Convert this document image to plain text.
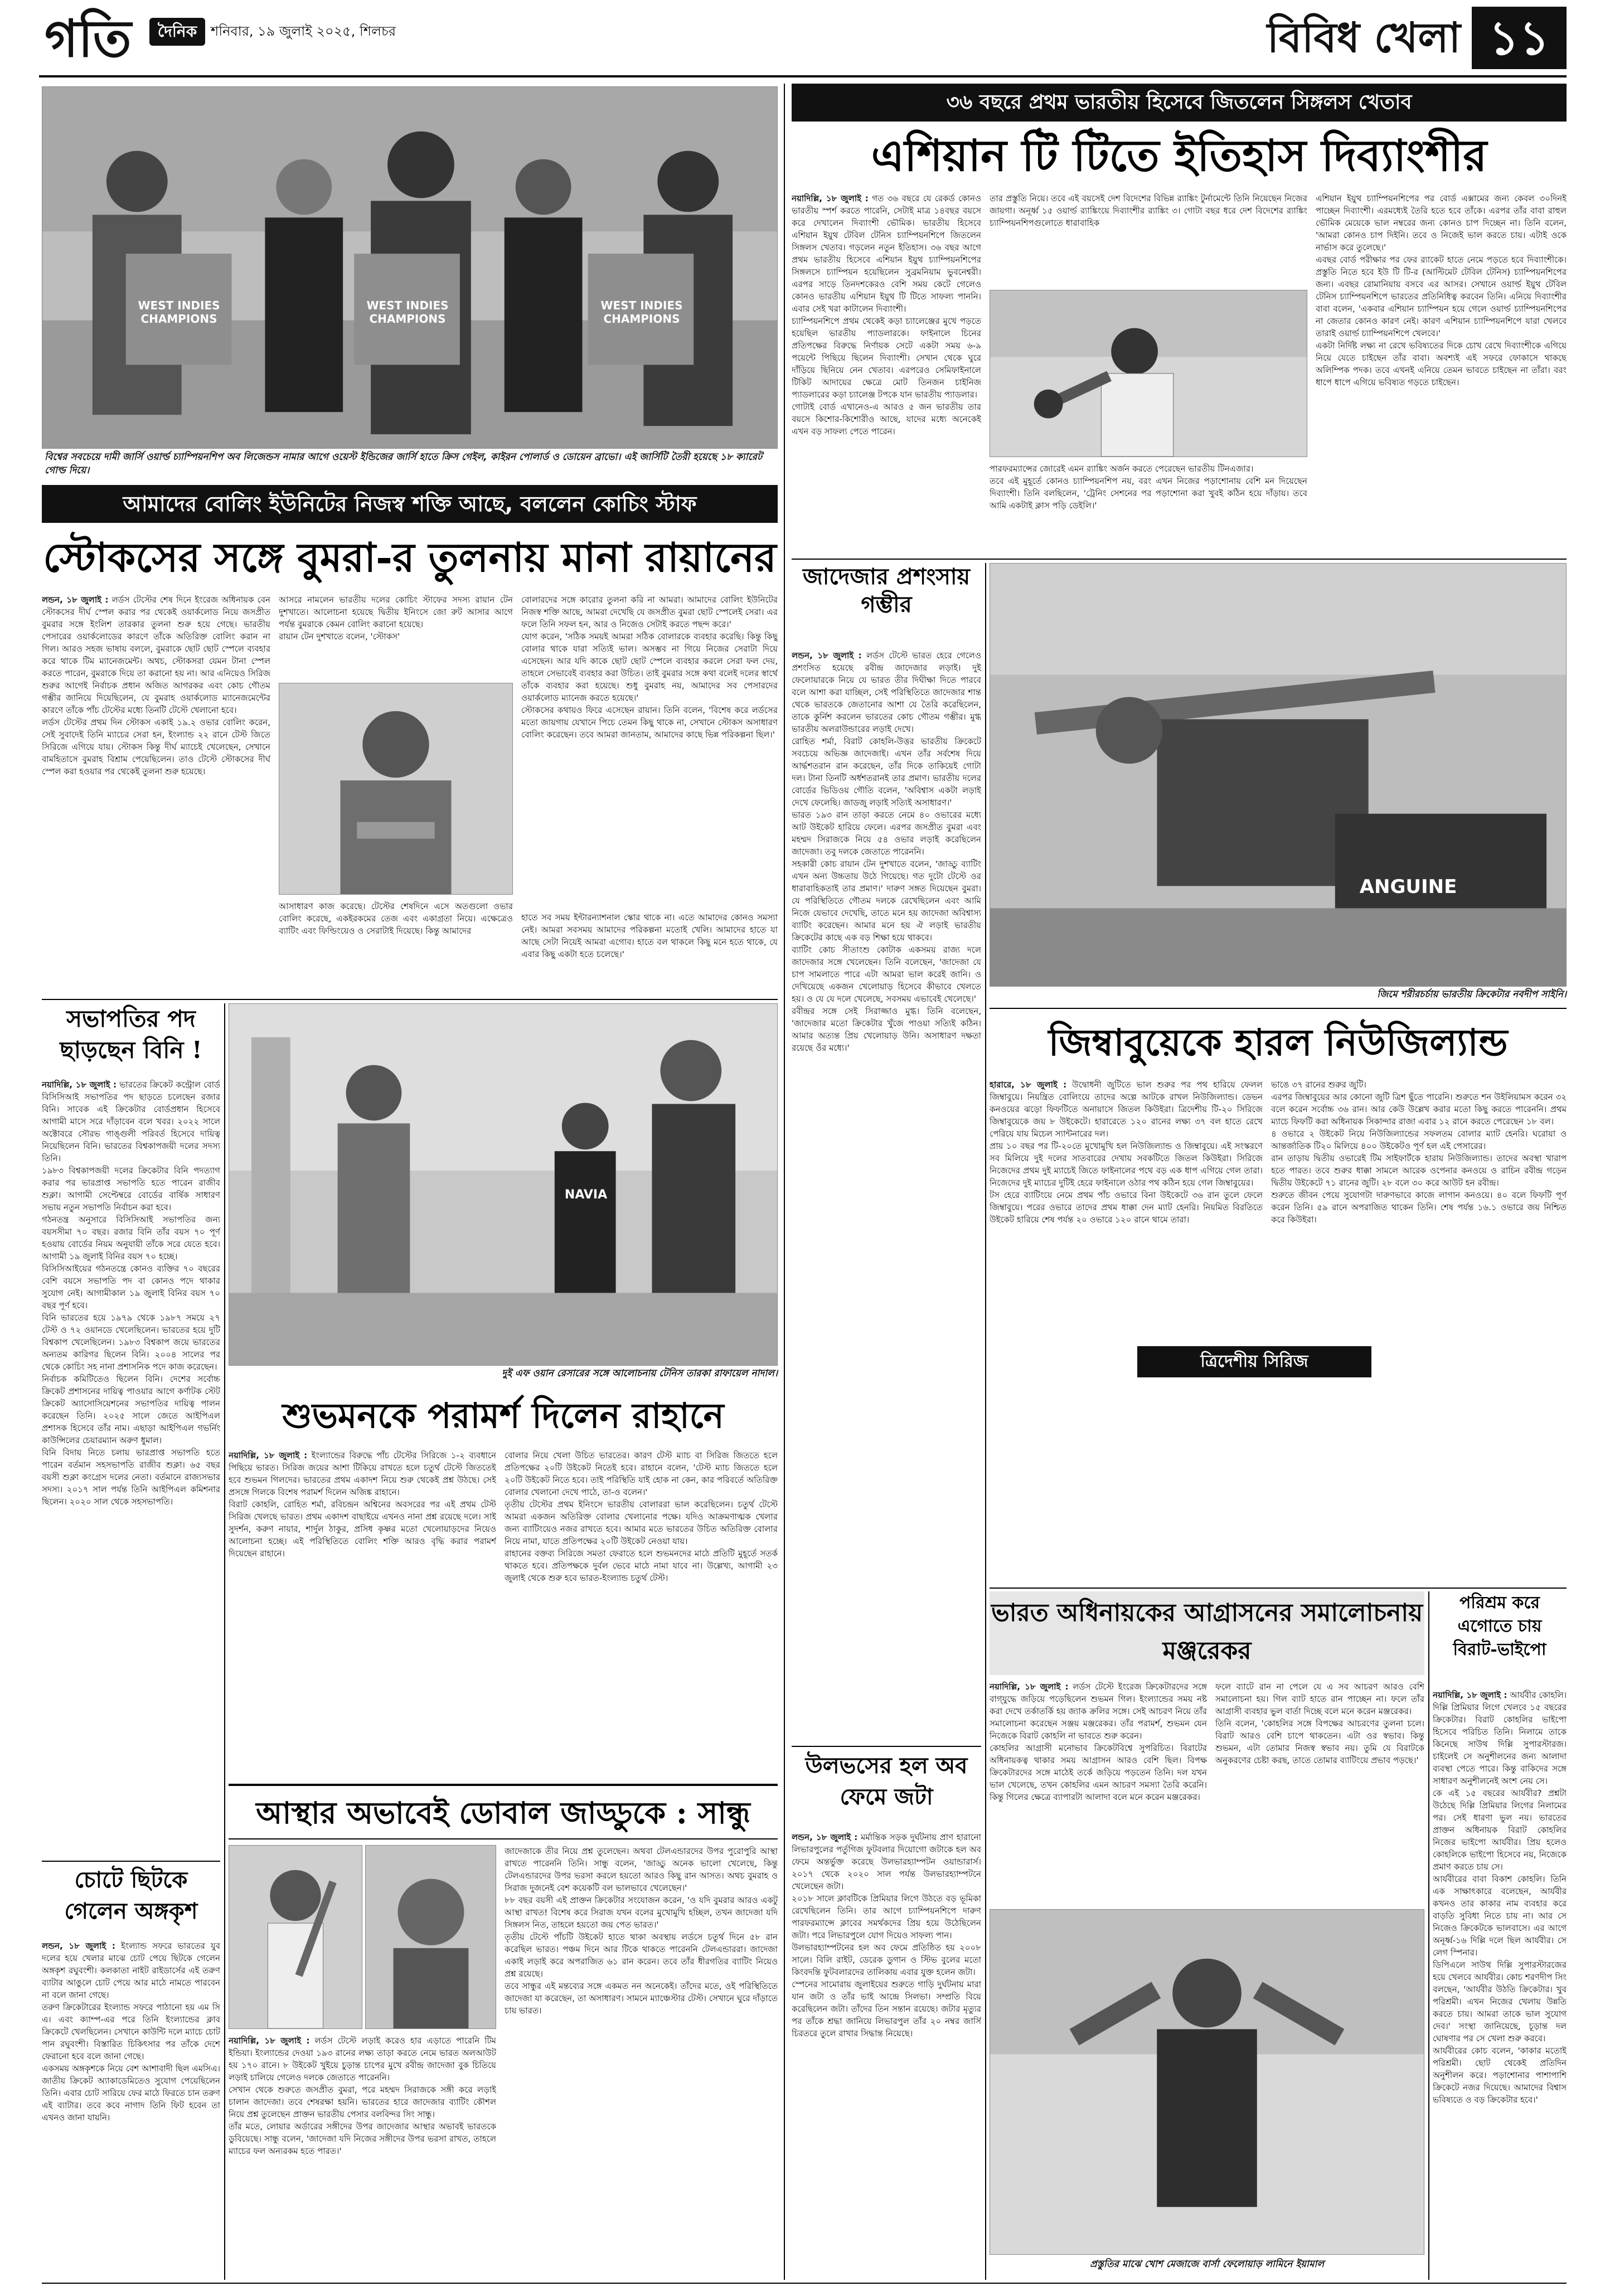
গতি	দৈনিক	শনিবার, ১৯ জুলাই ২০২৫, শিলচর	বিবিধ খেলা ১১
WEST INDIES CHAMPIONS
WEST INDIES CHAMPIONS
WEST INDIES CHAMPIONS
বিশ্বের সবচেয়ে দামী জার্সি ওয়ার্ল্ড চ্যাম্পিয়নশিপ অব লিজেন্ডস নামার আগে ওয়েস্ট ইন্ডিজের জার্সি হাতে ক্রিস গেইল, কাইরন পোলার্ড ও ডোয়েন ব্রাভো। এই জার্সিটি তৈরী হয়েছে ১৮ ক্যারেট গোল্ড দিয়ে।
৩৬ বছরে প্রথম ভারতীয় হিসেবে জিতলেন সিঙ্গলস খেতাব
এশিয়ান টি টিতে ইতিহাস দিব্যাংশীর
নয়াদিল্লি, ১৮ জুলাই : গত ৩৬ বছরে যে রেকর্ড কোনও ভারতীয় স্পর্শ করতে পারেনি, সেটাই মাত্র ১৪বছর বয়সে করে দেখালেন দিব্যাংশী ভৌমিক। ভারতীয় হিসেবে এশিয়ান ইয়ুথ টেবিল টেনিস চ্যাম্পিয়নশিপে জিতলেন সিঙ্গলস খেতাব। গড়লেন নতুন ইতিহাস। ৩৬ বছর আগে প্রথম ভারতীয় হিসেবে এশিয়ান ইয়ুথ চ্যাম্পিয়নশিপের সিঙ্গলসে চ্যাম্পিয়ন হয়েছিলেন সুব্রমনিয়াম ভুবনেশ্বরী। এরপর সাড়ে তিনদশকেরও বেশি সময় কেটে গেলেও কোনও ভারতীয় এশিয়ান ইয়ুথ টি টিতে সাফল্য পাননি। এবার সেই খরা কাটালেন দিব্যাংশী।
চ্যাম্পিয়নশিপে প্রথম থেকেই কড়া চ্যালেঞ্জের মুখে পড়তে হয়েছিল ভারতীয় প্যাডলারকে। ফাইনালে চিনের প্রতিপক্ষের বিরুদ্ধে নির্ণায়ক সেটে একটা সময় ৬-৯ পয়েন্টে পিছিয়ে ছিলেন দিব্যাংশী। সেখান থেকে ঘুরে দাঁড়িয়ে ছিনিয়ে নেন খেতাব। এরপরেও সেমিফাইনালে টিকিট আদায়ের ক্ষেত্রে মোট তিনজন চাইনিজ প্যাডলারের কড়া চ্যালেঞ্জ টপকে যান ভারতীয় প্যাডলার।
গোটাই বোর্ড এখানেও-এ আরও ৫ জন ভারতীয় তার বয়সে কিশোর-কিশোরীও আছে, যাদের মধ্যে অনেকেই এখন বড় সাফল্য পেতে পারেন।
তার প্রস্তুতি নিয়ে। তবে এই বয়সেই দেশ বিদেশের বিভিন্ন র‍্যাঙ্কিং টুর্নামেন্টে তিনি নিয়েছেন নিজের জায়গা। অনূর্ধ্ব ১৫ ওয়ার্ল্ড র‍্যাঙ্কিংয়ে দিব্যাংশীর র‍্যাঙ্কিং ৩। গোটা বছর ধরে দেশ বিদেশের র‍্যাঙ্কিং চ্যাম্পিয়নশিপগুলোতে ধারাবাহিক
পারফরম্যান্সের জোরেই এমন র‍্যাঙ্কিং অর্জন করতে পেরেছেন ভারতীয় টিনএজার।
তবে এই মুহূর্তে কোনও চ্যাম্পিয়নশিপ নয়, বরং এখন নিজের পড়াশোনায় বেশি মন দিয়েছেন দিব্যাংশী। তিনি বলছিলেন, 'ট্রেনিং সেশনের পর পড়াশোনা করা খুবই কঠিন হয়ে দাঁড়ায়। তবে আমি একটাই ক্লাস পড়ি ডেইলি।'
এশিয়ান ইয়ুথ চ্যাম্পিয়নশিপের পর বোর্ড এক্সামের জন্য কেবল ৩০দিনই পাচ্ছেন দিব্যাংশী। এরমধ্যেই তৈরি হতে হবে তাঁকে। এরপর তাঁর বাবা রাহুল ভৌমিক মেয়েকে ভাল নম্বরের জন্য কোনও চাপ দিচ্ছেন না। তিনি বলেন, 'আমরা কোনও চাপ দিইনি। তবে ও নিজেই ভাল করতে চায়। এটাই ওকে নার্ভাস করে তুলেছে।'
এবছর বোর্ড পরীক্ষার পর ফের র‍্যাকেট হাতে নেমে পড়তে হবে দিব্যাংশীকে। প্রস্তুতি নিতে হবে ইউ টি টি-র (আল্টিমেট টেবিল টেনিস) চ্যাম্পিয়নশিপের জন্য। এবছর রোমানিয়ায় বসবে এর আসর। সেখানে ওয়ার্ল্ড ইয়ুথ টেবিল টেনিস চ্যাম্পিয়নশিপে ভারতের প্রতিনিধিত্ব করবেন তিনি। এনিয়ে দিব্যাংশীর বাবা বলেন, 'একবার এশিয়ান চ্যাম্পিয়ন হয়ে গেলে ওয়ার্ল্ড চ্যাম্পিয়নশিপের না জেতার কোনও কারণ নেই। কারণ এশিয়ান চ্যাম্পিয়নশিপে যারা খেলবে তারাই ওয়ার্ল্ড চ্যাম্পিয়নশিপে খেলবে।'
একটা নির্দিষ্ট লক্ষ্য না রেখে ভবিষ্যতের দিকে চোখ রেখে দিব্যাংশীকে এগিয়ে নিয়ে যেতে চাইছেন তাঁর বাবা। অবশ্যই এই সফরে ফোকাসে থাকছে অলিম্পিক পদক। তবে এখনই এনিয়ে তেমন ভাবতে চাইছেন না তাঁরা। বরং ধাপে ধাপে এগিয়ে ভবিষ্যত গড়তে চাইছেন।
আমাদের বোলিং ইউনিটের নিজস্ব শক্তি আছে, বললেন কোচিং স্টাফ
স্টোকসের সঙ্গে বুমরা-র তুলনায় মানা রায়ানের
লন্ডন, ১৮ জুলাই : লর্ডস টেস্টের শেষ দিনে ইংরেজ অধিনায়ক বেন স্টোকসের দীর্ঘ স্পেল করার পর থেকেই ওয়ার্কলোড নিয়ে জসপ্রীত বুমরার সঙ্গে ইংলিশ তারকার তুলনা শুরু হয়ে গেছে। ভারতীয় পেসারের ওয়ার্কলোডের কারণে তাঁকে অতিরিক্ত বোলিং করান না গিল। আরও সহজ ভাষায় বললে, বুমরাকে ছোট ছোট স্পেলে ব্যবহার করে থাকে টিম ম্যানেজমেন্ট। অথচ, স্টোকসরা যেমন টানা স্পেল করতে পারেন, বুমরাকে দিয়ে তা করানো হয় না। আর এনিয়েও সিরিজ শুরুর আগেই নির্বাচক প্রধান অজিত আগরকর এবং কোচ গৌতম গম্ভীর জানিয়ে দিয়েছিলেন, যে বুমরাহ ওয়ার্কলোড ম্যানেজমেন্টের কারণে তাঁকে পাঁচ টেস্টের মধ্যে তিনটি টেস্টে খেলানো হবে।
লর্ডস টেস্টের প্রথম দিন স্টোকস একাই ১৯.২ ওভার বোলিং করেন, সেই সুবাদেই তিনি ম্যাচের সেরা হন, ইংল্যান্ড ২২ রানে টেস্ট জিতে সিরিজে এগিয়ে যায়। স্টোকস কিন্তু দীর্ঘ ম্যাচেই খেলেছেন, সেখানে বামহিতাসে বুমরাহ বিশ্রাম পেয়েছিলেন। তাও টেস্টে স্টোকসের দীর্ঘ স্পেল করা হওয়ার পর থেকেই তুলনা শুরু হয়েছে।
আসরে নামলেন ভারতীয় দলের কোচিং স্টাফের সদস্য রায়ান টেন দুশখাতে। আলোচনা হয়েছে দ্বিতীয় ইনিংসে জো রুট আসার আগে পর্যন্ত বুমরাকে কেমন বোলিং করানো হয়েছে।
রায়ান টেন দুশখাতে বলেন, 'স্টোকস'
আসাধারণ কাজ করেছে। টেস্টের শেষদিনে এসে অতগুলো ওভার বোলিং করেছে, একইরকমের তেজ এবং একাগ্রতা নিয়ে। এক্ষেত্রেও ব্যাটিং এবং ফিল্ডিংয়েও ও সেরাটাই দিয়েছে। কিন্তু আমাদের
বোলারদের সঙ্গে কারোর তুলনা করি না আমরা। আমাদের বোলিং ইউনিটের নিজস্ব শক্তি আছে, আমরা দেখেছি যে জসপ্রীত বুমরা ছোট স্পেলেই সেরা। এর ফলে তিনি সফল হন, আর ও নিজেও সেটাই করতে পছন্দ করে।'
যোগ করেন, 'সঠিক সময়ই আমরা সঠিক বোলারকে ব্যবহার করেছি। কিন্তু কিছু বোলার থাকে যারা সত্যিই ভাল। অসম্ভব না গিয়ে নিজের সেরাটা দিয়ে এসেছেন। আর যদি কাকে ছোট ছোট স্পেলে ব্যবহার করলে সেরা ফল দেয়, তাহলে সেভাবেই ব্যবহার করা উচিত। তাই বুমরার সঙ্গে কথা বলেই দলের স্বার্থে তাঁকে ব্যবহার করা হয়েছে। শুধু বুমরাহ নয়, আমাদের সব পেসারদের ওয়ার্কলোড ম্যানেজ করতে হয়েছে।'
স্টোকসের কথায়ও ফিরে এসেছেন রায়ান। তিনি বলেন, 'বিশেষ করে লর্ডসের মতো জায়গায় যেখানে পিচে তেমন কিছু থাকে না, সেখানে স্টোকস অসাধারণ বোলিং করেছেন। তবে আমরা জানতাম, আমাদের কাছে ভিন্ন পরিকল্পনা ছিল।'
হাতে সব সময় ইন্টারন্যাশনাল স্কোর থাকে না। এতে আমাদের কোনও সমস্যা নেই। আমরা সবসময় আমাদের পরিকল্পনা মতোই খেলি। আমাদের হাতে যা আছে সেটা নিয়েই আমরা এগোব। হাতে বল থাকলে কিছু মনে হতে থাকে, যে এবার কিছু একটা হতে চলেছে।'
জাদেজার প্রশংসায় গম্ভীর
লন্ডন, ১৮ জুলাই : লর্ডস টেস্টে ভারত হেরে গেলেও প্রশংসিত হয়েছে রবীন্দ্র জাদেজার লড়াই। দুই ফেলোয়ারকে নিয়ে যে ভারত তীর দিঘীক্ষা দিতে পারবে বলে আশা করা যাচ্ছিল, সেই পরিস্থিতিতে জাদেজার শান্ত থেকে ভারতকে জেতানোর আশা যে তৈরি করেছিলেন, তাকে কুর্নিশ করলেন ভারতের কোচ গৌতম গম্ভীর। মুগ্ধ ভারতীয় অলরাউন্ডারের লড়াই দেখে।
রোহিত শর্মা, বিরাট কোহলি-উত্তর ভারতীয় ক্রিকেটে সবচেয়ে অভিজ্ঞ জাদেজাই। এখন তাঁর সর্বশেষ দিয়ে আর্দ্ধশতরান রান করেছেন, তাঁর দিকে তাকিয়েই গোটা দল। টানা তিনটি অর্ধশতরানই তার প্রমাণ। ভারতীয় দলের বোর্ডের ভিডিওয় গৌতি বলেন, 'অবিশ্বাস একটা লড়াই দেখে ফেলেছি। জাডজু লড়াই সত্যিই অসাধারণ।'
ভারত ১৯৩ রান তাড়া করতে নেমে ৪০ ওভারের মধ্যে আট উইকেট হারিয়ে ফেলে। এরপর জসপ্রীত বুমরা এবং মহম্মদ সিরাজকে নিয়ে ৫৪ ওভার লড়াই করেছিলেন জাদেজা। তবু দলকে জেতাতে পারেননি।
সহকারী কোচ রায়ান টেন দুশখাতে বলেন, 'জাড্ডু ব্যাটিং এখন অন্য উচ্চতায় উঠে গিয়েছে। গত দুটো টেস্টে ওর ধারাবাহিকতাই তার প্রমাণ।' দারুণ সঙ্গত দিয়েছেন বুমরা। যে পরিস্থিতিতে গৌতম দলকে রেখেছিলেন এবং আমি নিজে যেভাবে দেখেছি, তাতে মনে হয় জাদেজা অবিশ্বাস্য ব্যাটিং করেছেন। আমার মনে হয় ঐ লড়াই ভারতীয় ক্রিকেটের কাছে এক বড় শিক্ষা হয়ে থাকবে।
ব্যাটিং কোচ সীতাংশু কোটাক একসময় রাজ্য দলে জাদেজার সঙ্গে খেলেছেন। তিনি বলেছেন, 'জাদেজা যে চাপ সামলাতে পারে এটা আমরা ভাল করেই জানি। ও দেখিয়েছে একজন খেলোয়াড় হিসেবে কীভাবে খেলতে হয়। ও যে যে দলে খেলেছে, সবসময় এভাবেই খেলেছে।'
রবীন্দ্রর সঙ্গে সেই সিরাজ্জাও মুগ্ধ। তিনি বলেছেন, 'জাদেজার মতো ক্রিকেটার খুঁজে পাওয়া সত্যিই কঠিন। আমার অত্যন্ত প্রিয় খেলোয়াড় উনি। অসাধারণ দক্ষতা রয়েছে ওঁর মধ্যে।'
ANGUINE
জিমে শরীরচর্চায় ভারতীয় ক্রিকেটার নবদীপ সাইনি।
জিম্বাবুয়েকে হারল নিউজিল্যান্ড
হারারে, ১৮ জুলাই : উদ্বোধনী জুটিতে ভাল শুরুর পর পথ হারিয়ে ফেলল জিম্বাবুয়ে। নিয়ন্ত্রিত বোলিংয়ে তাদের অল্পে আটকে রাখল নিউজিল্যান্ড। ডেভন কনওয়ের ঝড়ো ফিফটিতে অনায়াসে জিতল কিউইরা। ত্রিদেশীয় টি-২০ সিরিজে জিম্বাবুয়েকে জয় ৮ উইকেটে। হারারেতে ১২০ রানের লক্ষ্য ৩৭ বল হাতে রেখে পেরিয়ে যায় মিচেল স্যান্টনারের দল।
প্রায় ১০ বছর পর টি-২০তে মুখোমুখি হল নিউজিল্যান্ড ও জিম্বাবুয়ে। এই সংস্করণে সব মিলিয়ে দুই দলের সাতবারের দেখায় সবকটিতে জিতল কিউইরা। সিরিজে নিজেদের প্রথম দুই ম্যাচেই জিতে ফাইনালের পথে বড় এক ধাপ এগিয়ে গেল তারা। নিজেদের দুই ম্যাচের দুটিই হেরে ফাইনালে ওঠার পথ কঠিন হয়ে গেল জিম্বাবুয়ের।
টস হেরে ব্যাটিংয়ে নেমে প্রথম পাঁচ ওভারে বিনা উইকেটে ৩৬ রান তুলে ফেলে জিম্বাবুয়ে। পরের ওভারে তাদের প্রথম ধাক্কা দেন ম্যাট হেনরি। নিয়মিত বিরতিতে উইকেট হারিয়ে শেষ পর্যন্ত ২০ ওভারে ১২০ রানে থামে তারা।
ত্রিদেশীয় সিরিজ
ভাঙে ৩৭ রানের শুরুর জুটি।
এরপর জিম্বাবুয়ের আর কোনো জুটি ত্রিশ ছুঁতে পারেনি। শুরুতে শন উইলিয়ামস করেন ৩২ বলে করেন সর্বোচ্চ ৩৬ রান। আর কেউ উল্লেখ করার মতো কিছু করতে পারেননি। প্রথম ম্যাচে ফিফটি করা অধিনায়ক সিকান্দার রাজা এবার ১২ রানে করতে পেরেছেন ১৮ বল।
৪ ওভারে ২ উইকেট নিয়ে নিউজিল্যান্ডের সফলতম বোলার ম্যাট হেনরি। ঘরোয়া ও আন্তর্জাতিক টি২০ মিলিয়ে ৪০০ উইকেটও পূর্ণ হল এই পেসারের।
রান তাড়ায় দ্বিতীয় ওভারেই টিম সাইফার্টকে হারায় নিউজিল্যান্ড। তাদের অবস্থা খারাপ হতে পারত। তবে শুরুর ধাক্কা সামলে আরেক ওপেনার কনওয়ে ও রাচিন রবীন্দ্র গড়েন দ্বিতীয় উইকেটে ৭১ রানের জুটি। ২৮ বলে ৩০ করে আউট হন রবীন্দ্র।
শুরুতে জীবন পেয়ে সুযোগটা দারুণভাবে কাজে লাগান কনওয়ে। ৪০ বলে ফিফটি পূর্ণ করেন তিনি। ৫৯ রানে অপরাজিত থাকেন তিনি। শেষ পর্যন্ত ১৬.১ ওভারে জয় নিশ্চিত করে কিউইরা।
সভাপতির পদ ছাড়ছেন বিনি !
নয়াদিল্লি, ১৮ জুলাই : ভারতের ক্রিকেট কন্ট্রোল বোর্ড বিসিসিআই সভাপতির পদ ছাড়তে চলেছেন রজার বিনি। সাবেক এই ক্রিকেটার বোর্ডপ্রধান হিসেবে আগামী মাসে সরে দাঁড়াবেন বলে খবর। ২০২২ সালে অক্টোবরে সৌরভ গাঙ্গুলী পরিবর্ত হিসেবে দায়িত্ব নিয়েছিলেন বিনি। ভারতের বিশ্বকাপজয়ী দলের সদস্য তিনি।
১৯৮৩ বিশ্বকাপজয়ী দলের ক্রিকেটার বিনি পদত্যাগ করার পর ভারপ্রাপ্ত সভাপতি হতে পারেন রাজীব শুক্লা। আগামী সেপ্টেম্বরে বোর্ডের বার্ষিক সাধারণ সভায় নতুন সভাপতি নির্বাচন করা হবে।
গঠনতন্ত্র অনুসারে বিসিসিআই সভাপতির জন্য বয়সসীমা ৭০ বছর। রজার বিনি তাঁর বয়স ৭০ পূর্ণ হওয়ায় বোর্ডের নিয়ম অনুযায়ী তাঁকে সরে যেতে হবে। আগামী ১৯ জুলাই বিনির বয়স ৭০ হচ্ছে।
বিসিসিআইয়ের গঠনতন্ত্রে কোনও ব্যক্তির ৭০ বছরের বেশি বয়সে সভাপতি পদ বা কোনও পদে থাকার সুযোগ নেই। আগামীকাল ১৯ জুলাই বিনির বয়স ৭০ বছর পূর্ণ হবে।
বিনি ভারতের হয়ে ১৯৭৯ থেকে ১৯৮৭ সময়ে ২৭ টেস্ট ও ৭২ ওয়ানডে খেলেছিলেন। ভারতের হয়ে দুটি বিশ্বকাপ খেলেছিলেন। ১৯৮৩ বিশ্বকাপ জয়ে ভারতের অন্যতম কারিগর ছিলেন বিনি। ২০০৪ সালের পর থেকে কোচিং সহ নানা প্রশাসনিক পদে কাজ করেছেন।
নির্বাচক কমিটিতেও ছিলেন বিনি। দেশের সর্বোচ্চ ক্রিকেট প্রশাসনের দায়িত্ব পাওয়ার আগে কর্ণাটক স্টেট ক্রিকেট অ্যাসোসিয়েশনের সভাপতির দায়িত্ব পালন করেছেন তিনি। ২০২৫ সালে জেতে আইপিএল প্রশাসক হিসেবে তাঁর নাম। এছাড়া আইপিএল গভর্নিং কাউন্সিলের চেয়ারম্যান অরুণ ধুমাল।
বিনি বিদায় নিতে চলায় ভারপ্রাপ্ত সভাপতি হতে পারেন বর্তমান সহসভাপতি রাজীব শুক্লা। ৬৫ বছর বয়সী শুক্লা কংগ্রেস দলের নেতা। বর্তমানে রাজ্যসভার সদস্য। ২০১৭ সাল পর্যন্ত তিনি আইপিএল কমিশনার ছিলেন। ২০২০ সাল থেকে সহসভাপতি।
চোটে ছিটকে গেলেন অঙ্গকৃশ
লন্ডন, ১৮ জুলাই : ইংল্যান্ড সফরে ভারতের যুব দলের হয়ে খেলার মাঝে চোট পেয়ে ছিটকে গেলেন অঙ্গকৃশ রঘুবংশী। কলকাতা নাইট রাইডার্সের এই তরুণ ব্যাটার আঙুলে চোট পেয়ে আর মাঠে নামতে পারবেন না বলে জানা গেছে।
তরুণ ক্রিকেটারের ইংল্যান্ড সফরে পাঠানো হয় এম সি এ। এবং ক্যাম্প-এর পরে তিনি ইংল্যান্ডের ক্লাব ক্রিকেটে খেলছিলেন। সেখানে কাউন্টি দলে ম্যাচে চোট পান রঘুবংশী। বিস্তারিত চিকিৎসার পর তাঁকে দেশে ফেরানো হবে বলে জানা গেছে।
একসময় অঙ্গকৃশকে নিয়ে বেশ আশাবাদী ছিল এমসিএ। জাতীয় ক্রিকেট অ্যাকাডেমিতেও সুযোগ পেয়েছিলেন তিনি। এবার চোট সারিয়ে ফের মাঠে ফিরতে চান তরুণ এই ব্যাটার। তবে কবে নাগাদ তিনি ফিট হবেন তা এখনও জানা যায়নি।
NAVIA
দুই এফ ওয়ান রেসারের সঙ্গে আলোচনায় টেনিস তারকা রাফায়েল নাদাল।
শুভমনকে পরামর্শ দিলেন রাহানে
নয়াদিল্লি, ১৮ জুলাই : ইংল্যান্ডের বিরুদ্ধে পাঁচ টেস্টের সিরিজে ১-২ ব্যবধানে পিছিয়ে ভারত। সিরিজ জয়ের আশা টিকিয়ে রাখতে হলে চতুর্থ টেস্টে জিততেই হবে শুভমন গিলদের। ভারতের প্রথম একাদশ নিয়ে শুরু থেকেই প্রশ্ন উঠছে। সেই প্রসঙ্গে গিলকে বিশেষ পরামর্শ দিলেন অজিঙ্ক রাহানে।
বিরাট কোহলি, রোহিত শর্মা, রবিচন্দ্রন অশ্বিনের অবসরের পর এই প্রথম টেস্ট সিরিজ খেলছে ভারত। প্রথম একাদশ বাছাইয়ে এখনও নানা প্রশ্ন রয়েছে দলে। সাই সুদর্শন, করুণ নায়ার, শার্দুল ঠাকুর, প্রসিধ কৃষ্ণর মতো খেলোয়াড়দের নিয়েও আলোচনা হচ্ছে। এই পরিস্থিতিতে বোলিং শক্তি আরও বৃদ্ধি করার পরামর্শ দিয়েছেন রাহানে।
বোলার নিয়ে খেলা উচিত ভারতের। কারণ টেস্ট ম্যাচ বা সিরিজ জিততে হলে প্রতিপক্ষের ২০টি উইকেট নিতেই হবে। রাহানে বলেন, 'টেস্ট ম্যাচ জিততে হলে ২০টি উইকেট নিতে হবে। তাই পরিস্থিতি যাই হোক না কেন, কার পরিবর্তে অতিরিক্ত বোলার খেলানো দেখে পাঠে, তা-ও বলেন।'
তৃতীয় টেস্টের প্রথম ইনিংসে ভারতীয় বোলাররা ভাল করেছিলেন। চতুর্থ টেস্টে আমরা একজন অতিরিক্ত বোলার খেলানোর পক্ষে। যদিও আক্রমণাত্মক খেলার জন্য ব্যাটিংয়েও নজর রাখতে হবে। আমার মতে ভারতের উচিত অতিরিক্ত বোলার নিয়ে নামা, যাতে প্রতিপক্ষের ২০টি উইকেট নেওয়া যায়।
রাহানের বক্তব্য সিরিজে সমতা ফেরাতে হলে শুভমনদের মাঠে প্রতিটি মুহূর্তে সতর্ক থাকতে হবে। প্রতিপক্ষকে দুর্বল ভেবে মাঠে নামা যাবে না। উল্লেখ্য, আগামী ২৩ জুলাই থেকে শুরু হবে ভারত-ইংল্যান্ড চতুর্থ টেস্ট।
ভারত অধিনায়কের আগ্রাসনের সমালোচনায় মঞ্জরেকর
নয়াদিল্লি, ১৮ জুলাই : লর্ডস টেস্টে ইংরেজ ক্রিকেটারদের সঙ্গে বাগ্‌যুদ্ধে জড়িয়ে পড়েছিলেন শুভমন গিল। ইংল্যান্ডের সময় নষ্ট করা দেখে তর্কাতর্কি হয় জ্যাক ক্রলির সঙ্গে। সেই আচরণ নিয়ে তাঁর সমালোচনা করেছেন সঞ্জয় মঞ্জরেকর। তাঁর পরামর্শ, শুভমন যেন নিজেকে বিরাট কোহলি না ভাবতে শুরু করেন।
কোহলির আগ্রাসী মনোভাব ক্রিকেটবিশ্বে সুপরিচিত। বিরাটের অধিনায়কত্ব থাকার সময় আগ্রাসন আরও বেশি ছিল। বিপক্ষ ক্রিকেটারদের সঙ্গে মাঠেই তর্কে জড়িয়ে পড়তেন তিনি। দল যখন ভাল খেলেছে, তখন কোহলির এমন আচরণ সমস্যা তৈরি করেনি। কিন্তু গিলের ক্ষেত্রে ব্যাপারটা আলাদা বলে মনে করেন মঞ্জরেকর।
ফলে ব্যাটে রান না পেলে যে এ সব আচরণ আরও বেশি সমালোচনা হয়। গিল ব্যাট হাতে রান পাচ্ছেন না। ফলে তাঁর আগ্রাসী ব্যবহার ভুল বার্তা দিচ্ছে বলে মনে করেন মঞ্জরেকর।
তিনি বলেন, 'কোহলির সঙ্গে বিপক্ষের আচরণের তুলনা চলে। বিরাট আরও বেশি চাপে থাকতেন। এটা ওর স্বভাব। কিন্তু শুভমন, এটা তোমার নিজস্ব স্বভাব নয়। তুমি যে বিরাটকে অনুকরণের চেষ্টা করছ, তাতে তোমার ব্যাটিংয়ে প্রভাব পড়ছে।'
উলভসের হল অব ফেমে জটা
লন্ডন, ১৮ জুলাই : মর্মান্তিক সড়ক দুর্ঘটনায় প্রাণ হারানো লিভারপুলের পর্তুগিজ ফুটবলার দিয়োগো জটাকে হল অব ফেমে অন্তর্ভুক্ত করেছে উলভারহ্যাম্পটন ওয়ান্ডারার্স। ২০১৭ থেকে ২০২০ সাল পর্যন্ত উলভারহ্যাম্পটনে খেলেছেন জটা।
২০১৮ সালে ক্লাবটিকে প্রিমিয়ার লিগে উঠতে বড় ভূমিকা রেখেছিলেন তিনি। তার আগে চ্যাম্পিয়নশিপে দারুণ পারফরম্যান্সে ক্লাবের সমর্থকদের প্রিয় হয়ে উঠেছিলেন জটা। পরে লিভারপুলে যোগ দিয়েও সাফল্য পান।
উলভারহ্যাম্পটনের হল অব ফেমে প্রতিষ্ঠিত হয় ২০০৮ সালে। বিলি রাইট, ডেরেক ডুগান ও স্টিভ বুলের মতো কিংবদন্তি ফুটবলারদের তালিকায় এবার যুক্ত হলেন জটা।
স্পেনের সামোরায় জুলাইয়ের শুরুতে গাড়ি দুর্ঘটনায় মারা যান জটা ও তাঁর ভাই আন্দ্রে সিলভা। সম্প্রতি বিয়ে করেছিলেন জটা। তাঁদের তিন সন্তান রয়েছে। জটার মৃত্যুর পর তাঁকে শ্রদ্ধা জানিয়ে লিভারপুল তাঁর ২০ নম্বর জার্সি চিরতরে তুলে রাখার সিদ্ধান্ত নিয়েছে।
পরিশ্রম করে এগোতে চায় বিরাট-ভাইপো
নয়াদিল্লি, ১৮ জুলাই : আর্যবীর কোহলি। দিল্লি প্রিমিয়ার লিগে খেলবে ১৫ বছরের ক্রিকেটার। বিরাট কোহলির ভাইপো হিসেবে পরিচিত তিনি। নিলামে তাকে কিনেছে সাউথ দিল্লি সুপারস্টারজ। চাইলেই সে অনুশীলনের জন্য আলাদা ব্যবস্থা পেতে পারে। কিন্তু বাকিদের সঙ্গে সাধারণ অনুশীলনেই অংশ নেয় সে।
কে এই ১৫ বছরের আর্যবীর? প্রশ্নটা উঠেছে দিল্লি প্রিমিয়ার লিগের নিলামের পর। সেই ধারণা ভুল নয়। ভারতের প্রাক্তন অধিনায়ক বিরাট কোহলির নিজের ভাইপো আর্যবীর। প্রিয় হলেও কোহলিকে ভাইপো হিসেবে নয়, নিজেকে প্রমাণ করতে চায় সে।
আর্যবীরের বাবা বিকাশ কোহলি। তিনি এক সাক্ষাৎকারে বলেছেন, আর্যবীর কখনও তার কাকার নাম ব্যবহার করে বাড়তি সুবিধা নিতে চায় না। আর সে নিজেও ক্রিকেটকে ভালবাসে। এর আগে অনূর্ধ্ব-১৬ দিল্লি দলে ছিল আর্যবীর। সে লেগ স্পিনার।
ডিপিএলে সাউথ দিল্লি সুপারস্টারজের হয়ে খেলবে আর্যবীর। কোচ শরণদীপ সিং বলছেন, 'আর্যবীর উঠতি ক্রিকেটার। খুব পরিশ্রমী। এখন নিজের খেলায় উন্নতি করতে চায়। আমরা তাকে ভাল সুযোগ দেব।' সংস্থা জানিয়েছে, চূড়ান্ত দল ঘোষণার পর সে খেলা শুরু করবে।
আর্যবীরের কোচ বলেন, 'কাকার মতোই পরিশ্রমী। ছোট থেকেই প্রতিদিন অনুশীলন করে। পড়াশোনার পাশাপাশি ক্রিকেটে নজর দিয়েছে। আমাদের বিশ্বাস ভবিষ্যতে ও বড় ক্রিকেটার হবে।'
প্রস্তুতির মাঝে খোশ মেজাজে বার্সা ফেলোয়াড় লামিনে ইয়ামাল
আস্থার অভাবেই ডোবাল জাড্ডুকে : সান্ধু
নয়াদিল্লি, ১৮ জুলাই : লর্ডস টেস্টে লড়াই করেও হার এড়াতে পারেনি টিম ইন্ডিয়া। ইংল্যান্ডের দেওয়া ১৯৩ রানের লক্ষ্য তাড়া করতে নেমে ভারত অলআউট হয় ১৭০ রানে। ৮ উইকেট খুইয়ে চুড়ান্ত চাপের মুখে রবীন্দ্র জাদেজা বুক চিতিয়ে লড়াই চালিয়ে গেলেও দলকে জেতাতে পারেননি।
সেখান থেকে শুরুতে জসপ্রীত বুমরা, পরে মহম্মদ সিরাজকে সঙ্গী করে লড়াই চালান জাদেজা। তবে শেষরক্ষা হয়নি। ভারতের হারে জাদেজার ব্যাটিং কৌশল নিয়ে প্রশ্ন তুলেছেন প্রাক্তন ভারতীয় পেসার বলবিন্দর সিং সান্ধু।
তাঁর মতে, লোয়ার অর্ডারের সঙ্গীদের উপর জাদেজার আস্থার অভাবই ভারতকে ডুবিয়েছে। সান্ধু বলেন, 'জাদেজা যদি নিজের সঙ্গীদের উপর ভরসা রাখত, তাহলে ম্যাচের ফল অন্যরকম হতে পারত।'
জাদেজাকে তীর নিয়ে প্রশ্ন তুলেছেন। অথবা টেলএন্ডারদের উপর পুরোপুরি আস্থা রাখতে পারেননি তিনি। সান্ধু বলেন, 'জাড্ডু অনেক ভালো খেলেছে, কিন্তু টেলএন্ডারদের উপর ভরসা করলে হয়তো আরও কিছু রান আসত। অথচ বুমরাহ ও সিরাজ দুজনেই বেশ কয়েকটি বল ভালভাবে খেলেছেন।'
৮৮ বছর বয়সী এই প্রাক্তন ক্রিকেটার সংযোজন করেন, 'ও যদি বুমরার আরও একটু আস্থা রাখত! বিশেষ করে সিরাজ যখন বলের মুখোমুখি হচ্ছিল, তখন জাদেজা যদি সিঙ্গলস নিত, তাহলে হয়তো জয় পেত ভারত।'
তৃতীয় টেস্টে পাঁচটি উইকেট হাতে থাকা অবস্থায় লর্ডসে চতুর্থ দিনে ৫৮ রান করেছিল ভারত। পঞ্চম দিনে আর টিকে থাকতে পারেননি টেলএন্ডাররা। জাদেজা একাই লড়াই করে অপরাজিত ৬১ রান করেন। তবে তাঁর ধীরগতির ব্যাটিং নিয়েও প্রশ্ন রয়েছে।
তবে সান্ধুর এই মন্তব্যের সঙ্গে একমত নন অনেকেই। তাঁদের মতে, ওই পরিস্থিতিতে জাদেজা যা করেছেন, তা অসাধারণ। সামনে ম্যাঞ্চেস্টার টেস্ট। সেখানে ঘুরে দাঁড়াতে চায় ভারত।
